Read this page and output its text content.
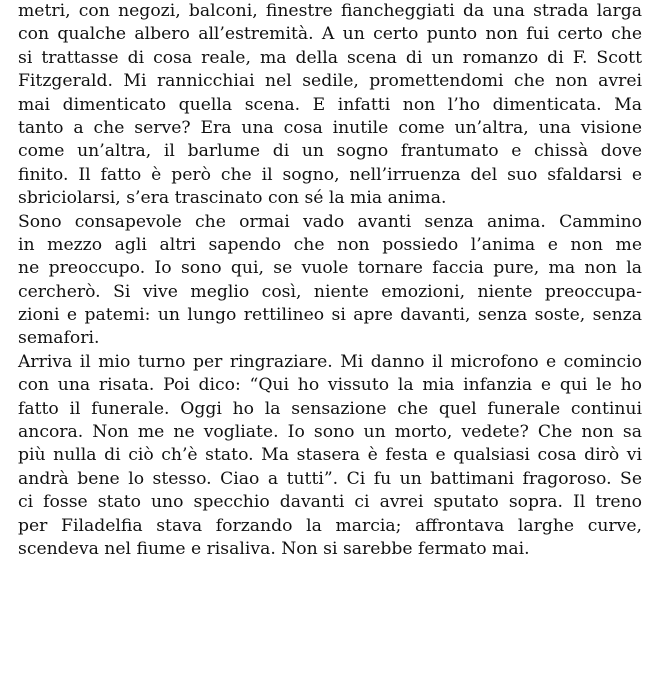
metri, con negozi, balconi, finestre fiancheggiati da una strada larga
con qualche albero all’estremità. A un certo punto non fui certo che
si trattasse di cosa reale, ma della scena di un romanzo di F. Scott
Fitzgerald. Mi rannicchiai nel sedile, promettendomi che non avrei
mai dimenticato quella scena. E infatti non l’ho dimenticata. Ma
tanto a che serve? Era una cosa inutile come un’altra, una visione
come un’altra, il barlume di un sogno frantumato e chissà dove
finito. Il fatto è però che il sogno, nell’irruenza del suo sfaldarsi e
sbriciolarsi, s’era trascinato con sé la mia anima.
Sono consapevole che ormai vado avanti senza anima. Cammino
in mezzo agli altri sapendo che non possiedo l’anima e non me
ne preoccupo. Io sono qui, se vuole tornare faccia pure, ma non la
cercherò. Si vive meglio così, niente emozioni, niente preoccupa-
zioni e patemi: un lungo rettilineo si apre davanti, senza soste, senza
semafori.
Arriva il mio turno per ringraziare. Mi danno il microfono e comincio
con una risata. Poi dico: “Qui ho vissuto la mia infanzia e qui le ho
fatto il funerale. Oggi ho la sensazione che quel funerale continui
ancora. Non me ne vogliate. Io sono un morto, vedete? Che non sa
più nulla di ciò ch’è stato. Ma stasera è festa e qualsiasi cosa dirò vi
andrà bene lo stesso. Ciao a tutti”. Ci fu un battimani fragoroso. Se
ci fosse stato uno specchio davanti ci avrei sputato sopra. Il treno
per Filadelfia stava forzando la marcia; affrontava larghe curve,
scendeva nel fiume e risaliva. Non si sarebbe fermato mai.
